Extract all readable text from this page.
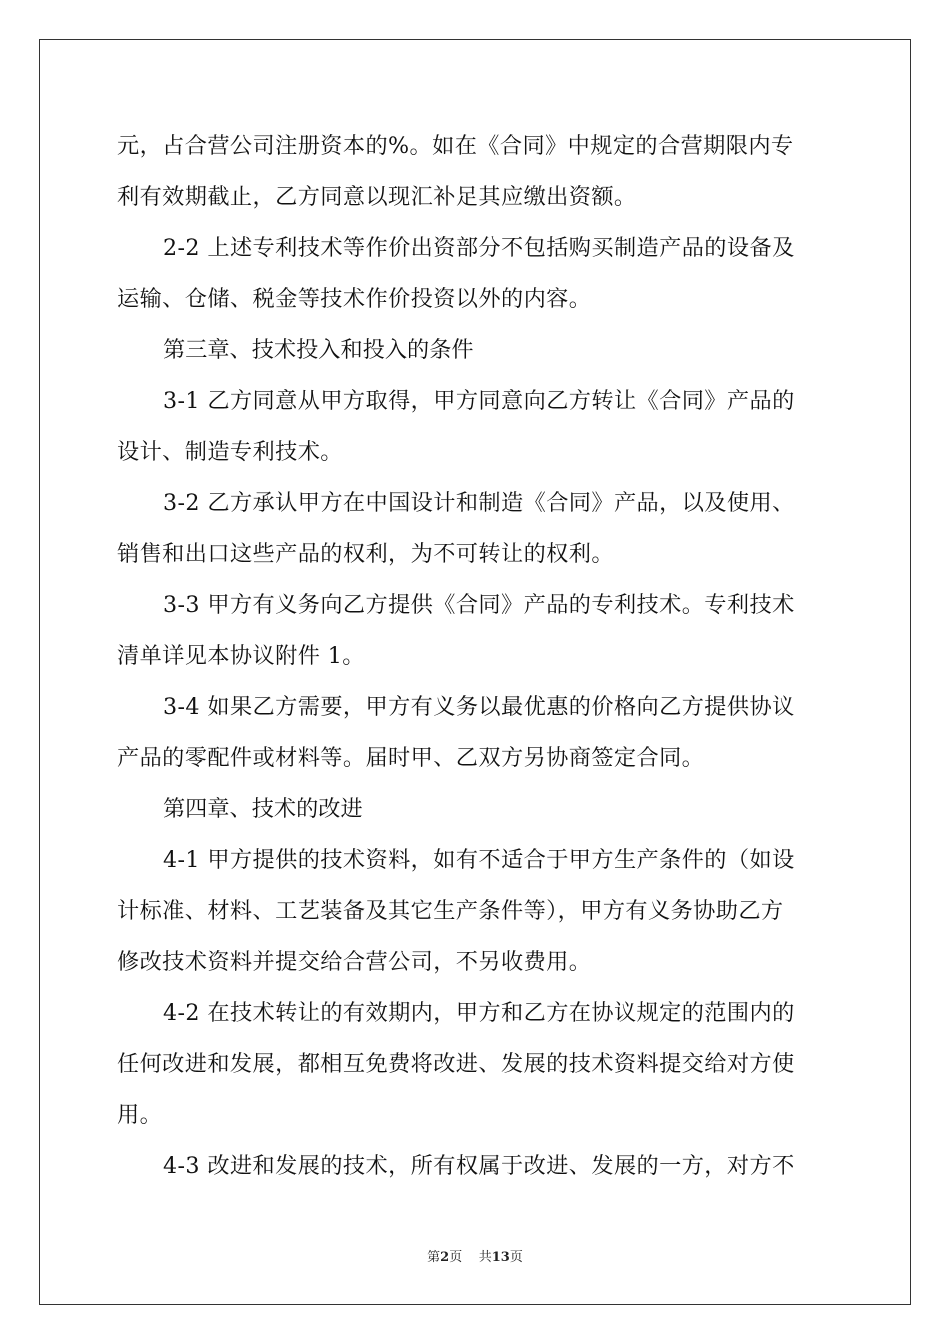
元，占合营公司注册资本的%。如在《合同》中规定的合营期限内专
利有效期截止，乙方同意以现汇补足其应缴出资额。
2-2 上述专利技术等作价出资部分不包括购买制造产品的设备及
运输、仓储、税金等技术作价投资以外的内容。
第三章、技术投入和投入的条件
3-1 乙方同意从甲方取得，甲方同意向乙方转让《合同》产品的
设计、制造专利技术。
3-2 乙方承认甲方在中国设计和制造《合同》产品，以及使用、
销售和出口这些产品的权利，为不可转让的权利。
3-3 甲方有义务向乙方提供《合同》产品的专利技术。专利技术
清单详见本协议附件 1。
3-4 如果乙方需要，甲方有义务以最优惠的价格向乙方提供协议
产品的零配件或材料等。届时甲、乙双方另协商签定合同。
第四章、技术的改进
4-1 甲方提供的技术资料，如有不适合于甲方生产条件的（如设
计标准、材料、工艺装备及其它生产条件等），甲方有义务协助乙方
修改技术资料并提交给合营公司，不另收费用。
4-2 在技术转让的有效期内，甲方和乙方在协议规定的范围内的
任何改进和发展，都相互免费将改进、发展的技术资料提交给对方使
用。
4-3 改进和发展的技术，所有权属于改进、发展的一方，对方不
第2页 共13页
